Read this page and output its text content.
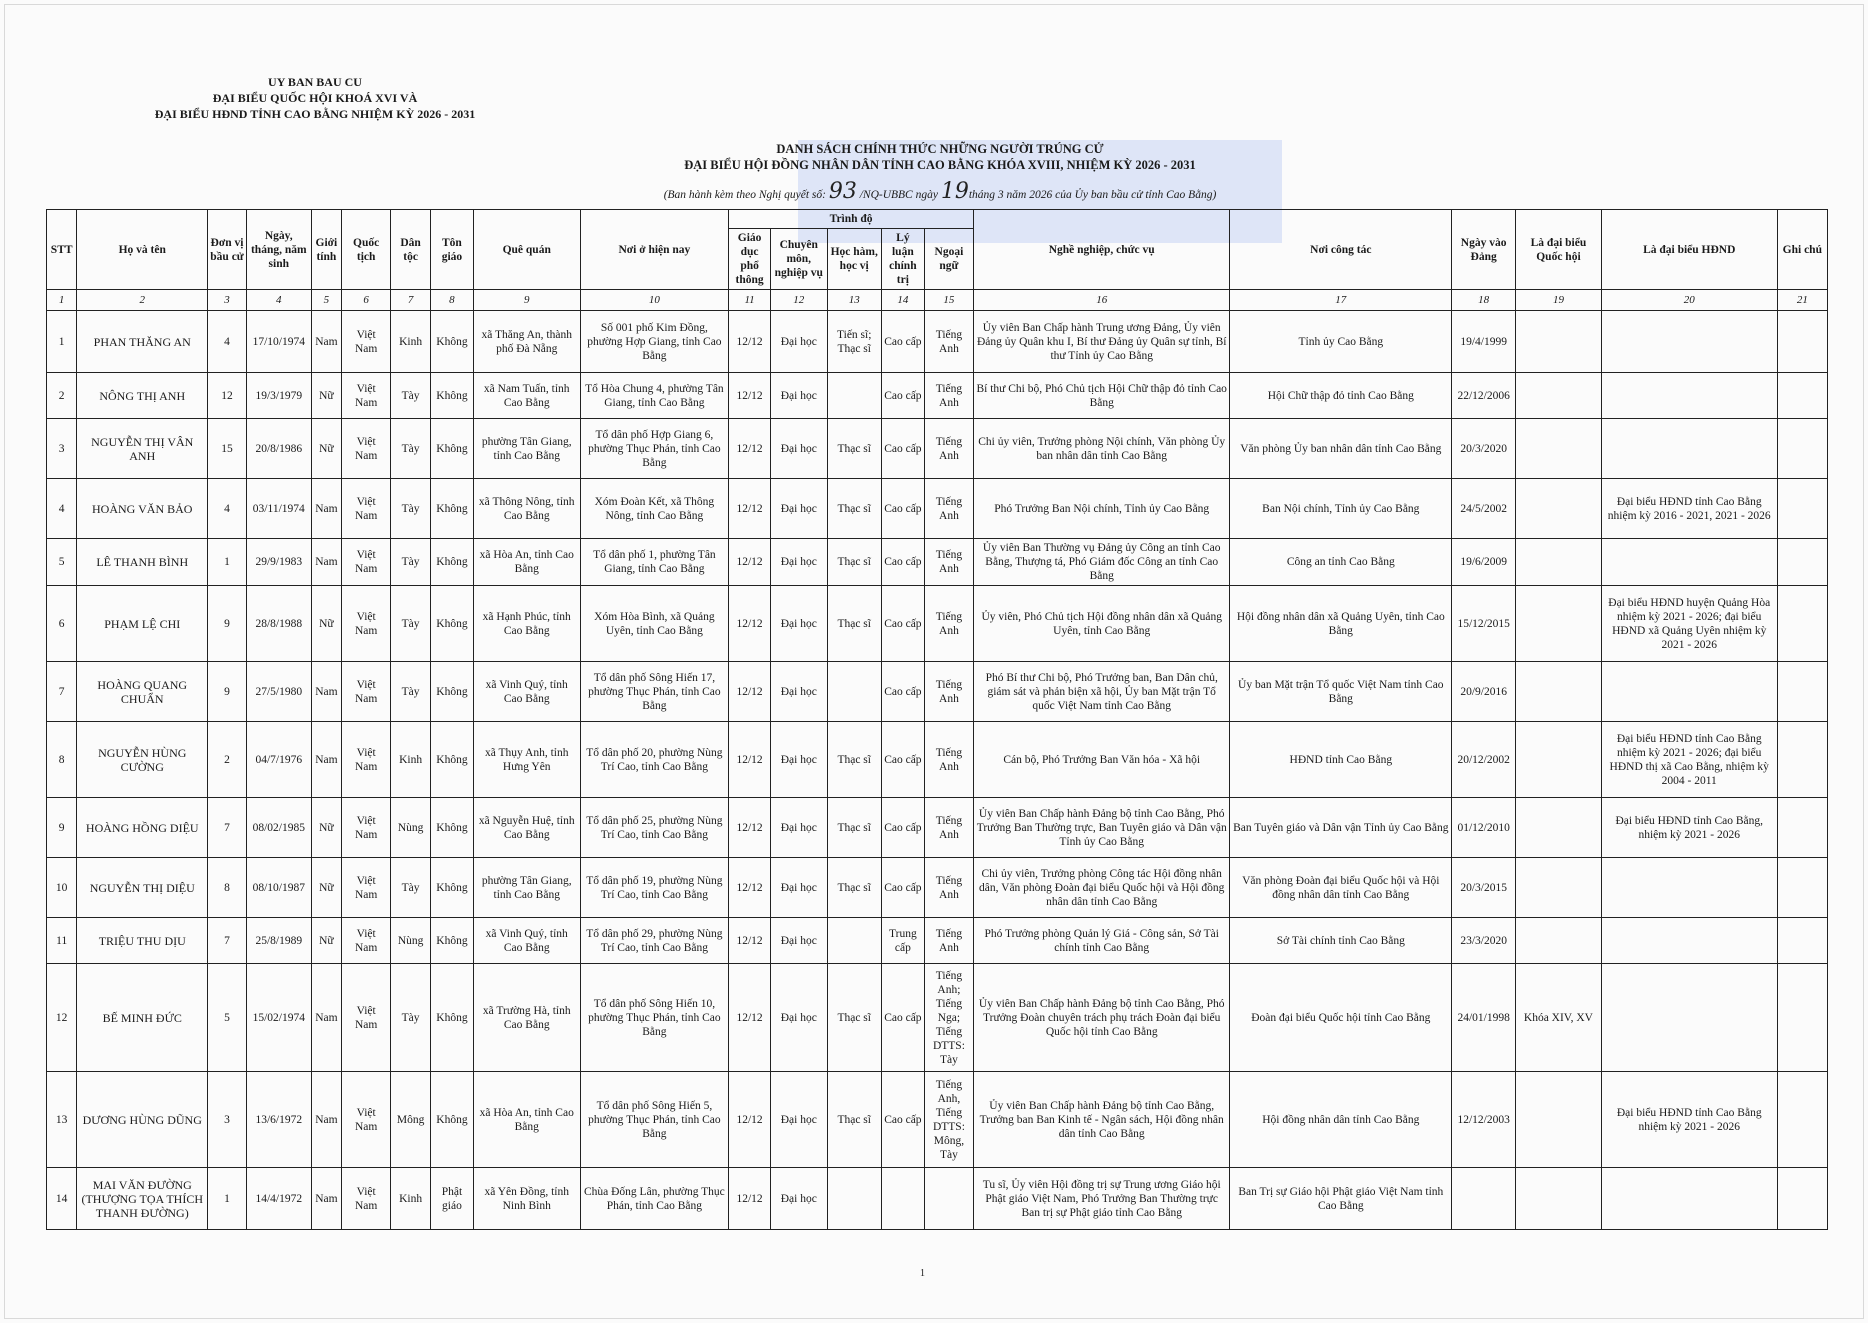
UY BAN BAU CU
ĐẠI BIỂU QUỐC HỘI KHOÁ XVI VÀ
ĐẠI BIỂU HĐND TỈNH CAO BẰNG NHIỆM KỲ 2026 - 2031
DANH SÁCH CHÍNH THỨC NHỮNG NGƯỜI TRÚNG CỬ
ĐẠI BIỂU HỘI ĐỒNG NHÂN DÂN TỈNH CAO BẰNG KHÓA XVIII, NHIỆM KỲ 2026 - 2031
(Ban hành kèm theo Nghị quyết số: 93 /NQ-UBBC ngày 19tháng 3 năm 2026 của Ủy ban bầu cử tỉnh Cao Bằng)
STT	Họ và tên	Đơn vị bầu cử	Ngày, tháng, năm sinh	Giới tính	Quốc tịch	Dân tộc	Tôn giáo	Quê quán	Nơi ở hiện nay	Trình độ					Nghề nghiệp, chức vụ	Nơi công tác	Ngày vào Đảng	Là đại biểu Quốc hội	Là đại biểu HĐND	Ghi chú
										Giáo dục phổ thông	Chuyên môn, nghiệp vụ	Học hàm, học vị	Lý luận chính trị	Ngoại ngữ						
1	2	3	4	5	6	7	8	9	10	11	12	13	14	15	16	17	18	19	20	21
1	PHAN THĂNG AN	4	17/10/1974	Nam	Việt Nam	Kinh	Không	xã Thăng An, thành phố Đà Nẵng	Số 001 phố Kim Đồng, phường Hợp Giang, tỉnh Cao Bằng	12/12	Đại học	Tiến sĩ; Thạc sĩ	Cao cấp	Tiếng Anh	Ủy viên Ban Chấp hành Trung ương Đảng, Ủy viên Đảng ủy Quân khu I, Bí thư Đảng ủy Quân sự tỉnh, Bí thư Tỉnh ủy Cao Bằng	Tỉnh ủy Cao Bằng	19/4/1999			
2	NÔNG THỊ ANH	12	19/3/1979	Nữ	Việt Nam	Tày	Không	xã Nam Tuấn, tỉnh Cao Bằng	Tổ Hòa Chung 4, phường Tân Giang, tỉnh Cao Bằng	12/12	Đại học		Cao cấp	Tiếng Anh	Bí thư Chi bộ, Phó Chủ tịch Hội Chữ thập đỏ tỉnh Cao Bằng	Hội Chữ thập đỏ tỉnh Cao Bằng	22/12/2006			
3	NGUYỄN THỊ VÂN ANH	15	20/8/1986	Nữ	Việt Nam	Tày	Không	phường Tân Giang, tỉnh Cao Bằng	Tổ dân phố Hợp Giang 6, phường Thục Phán, tỉnh Cao Bằng	12/12	Đại học	Thạc sĩ	Cao cấp	Tiếng Anh	Chi ủy viên, Trưởng phòng Nội chính, Văn phòng Ủy ban nhân dân tỉnh Cao Bằng	Văn phòng Ủy ban nhân dân tỉnh Cao Bằng	20/3/2020			
4	HOÀNG VĂN BẢO	4	03/11/1974	Nam	Việt Nam	Tày	Không	xã Thông Nông, tỉnh Cao Bằng	Xóm Đoàn Kết, xã Thông Nông, tỉnh Cao Bằng	12/12	Đại học	Thạc sĩ	Cao cấp	Tiếng Anh	Phó Trưởng Ban Nội chính, Tỉnh ủy Cao Bằng	Ban Nội chính, Tỉnh ủy Cao Bằng	24/5/2002		Đại biểu HĐND tỉnh Cao Bằng nhiệm kỳ 2016 - 2021, 2021 - 2026	
5	LÊ THANH BÌNH	1	29/9/1983	Nam	Việt Nam	Tày	Không	xã Hòa An, tỉnh Cao Bằng	Tổ dân phố 1, phường Tân Giang, tỉnh Cao Bằng	12/12	Đại học	Thạc sĩ	Cao cấp	Tiếng Anh	Ủy viên Ban Thường vụ Đảng ủy Công an tỉnh Cao Bằng, Thượng tá, Phó Giám đốc Công an tỉnh Cao Bằng	Công an tỉnh Cao Bằng	19/6/2009			
6	PHẠM LỆ CHI	9	28/8/1988	Nữ	Việt Nam	Tày	Không	xã Hạnh Phúc, tỉnh Cao Bằng	Xóm Hòa Bình, xã Quảng Uyên, tỉnh Cao Bằng	12/12	Đại học	Thạc sĩ	Cao cấp	Tiếng Anh	Ủy viên, Phó Chủ tịch Hội đồng nhân dân xã Quảng Uyên, tỉnh Cao Bằng	Hội đồng nhân dân xã Quảng Uyên, tỉnh Cao Bằng	15/12/2015		Đại biểu HĐND huyện Quảng Hòa nhiệm kỳ 2021 - 2026; đại biểu HĐND xã Quảng Uyên nhiệm kỳ 2021 - 2026	
7	HOÀNG QUANG CHUẨN	9	27/5/1980	Nam	Việt Nam	Tày	Không	xã Vinh Quý, tỉnh Cao Bằng	Tổ dân phố Sông Hiến 17, phường Thục Phán, tỉnh Cao Bằng	12/12	Đại học		Cao cấp	Tiếng Anh	Phó Bí thư Chi bộ, Phó Trưởng ban, Ban Dân chủ, giám sát và phản biện xã hội, Ủy ban Mặt trận Tổ quốc Việt Nam tỉnh Cao Bằng	Ủy ban Mặt trận Tổ quốc Việt Nam tỉnh Cao Bằng	20/9/2016			
8	NGUYỄN HÙNG CƯỜNG	2	04/7/1976	Nam	Việt Nam	Kinh	Không	xã Thụy Anh, tỉnh Hưng Yên	Tổ dân phố 20, phường Nùng Trí Cao, tỉnh Cao Bằng	12/12	Đại học	Thạc sĩ	Cao cấp	Tiếng Anh	Cán bộ, Phó Trưởng Ban Văn hóa - Xã hội	HĐND tỉnh Cao Bằng	20/12/2002		Đại biểu HĐND tỉnh Cao Bằng nhiệm kỳ 2021 - 2026; đại biểu HĐND thị xã Cao Bằng, nhiệm kỳ 2004 - 2011	
9	HOÀNG HỒNG DIỆU	7	08/02/1985	Nữ	Việt Nam	Nùng	Không	xã Nguyễn Huệ, tỉnh Cao Bằng	Tổ dân phố 25, phường Nùng Trí Cao, tỉnh Cao Bằng	12/12	Đại học	Thạc sĩ	Cao cấp	Tiếng Anh	Ủy viên Ban Chấp hành Đảng bộ tỉnh Cao Bằng, Phó Trưởng Ban Thường trực, Ban Tuyên giáo và Dân vận Tỉnh ủy Cao Bằng	Ban Tuyên giáo và Dân vận Tỉnh ủy Cao Bằng	01/12/2010		Đại biểu HĐND tỉnh Cao Bằng, nhiệm kỳ 2021 - 2026	
10	NGUYỄN THỊ DIỆU	8	08/10/1987	Nữ	Việt Nam	Tày	Không	phường Tân Giang, tỉnh Cao Bằng	Tổ dân phố 19, phường Nùng Trí Cao, tỉnh Cao Bằng	12/12	Đại học	Thạc sĩ	Cao cấp	Tiếng Anh	Chi ủy viên, Trưởng phòng Công tác Hội đồng nhân dân, Văn phòng Đoàn đại biểu Quốc hội và Hội đồng nhân dân tỉnh Cao Bằng	Văn phòng Đoàn đại biểu Quốc hội và Hội đồng nhân dân tỉnh Cao Bằng	20/3/2015			
11	TRIỆU THU DỊU	7	25/8/1989	Nữ	Việt Nam	Nùng	Không	xã Vinh Quý, tỉnh Cao Bằng	Tổ dân phố 29, phường Nùng Trí Cao, tỉnh Cao Bằng	12/12	Đại học		Trung cấp	Tiếng Anh	Phó Trưởng phòng Quản lý Giá - Công sản, Sở Tài chính tỉnh Cao Bằng	Sở Tài chính tỉnh Cao Bằng	23/3/2020			
12	BẾ MINH ĐỨC	5	15/02/1974	Nam	Việt Nam	Tày	Không	xã Trường Hà, tỉnh Cao Bằng	Tổ dân phố Sông Hiến 10, phường Thục Phán, tỉnh Cao Bằng	12/12	Đại học	Thạc sĩ	Cao cấp	Tiếng Anh; Tiếng Nga; Tiếng DTTS: Tày	Ủy viên Ban Chấp hành Đảng bộ tỉnh Cao Bằng, Phó Trưởng Đoàn chuyên trách phụ trách Đoàn đại biểu Quốc hội tỉnh Cao Bằng	Đoàn đại biểu Quốc hội tỉnh Cao Bằng	24/01/1998	Khóa XIV, XV		
13	DƯƠNG HÙNG DŨNG	3	13/6/1972	Nam	Việt Nam	Mông	Không	xã Hòa An, tỉnh Cao Bằng	Tổ dân phố Sông Hiến 5, phường Thục Phán, tỉnh Cao Bằng	12/12	Đại học	Thạc sĩ	Cao cấp	Tiếng Anh, Tiếng DTTS: Mông, Tày	Ủy viên Ban Chấp hành Đảng bộ tỉnh Cao Bằng, Trưởng ban Ban Kinh tế - Ngân sách, Hội đồng nhân dân tỉnh Cao Bằng	Hội đồng nhân dân tỉnh Cao Bằng	12/12/2003		Đại biểu HĐND tỉnh Cao Bằng nhiệm kỳ 2021 - 2026	
14	MAI VĂN ĐƯỜNG (THƯỢNG TỌA THÍCH THANH ĐƯỜNG)	1	14/4/1972	Nam	Việt Nam	Kinh	Phật giáo	xã Yên Đồng, tỉnh Ninh Bình	Chùa Đống Lân, phường Thục Phán, tỉnh Cao Bằng	12/12	Đại học				Tu sĩ, Ủy viên Hội đồng trị sự Trung ương Giáo hội Phật giáo Việt Nam, Phó Trưởng Ban Thường trực Ban trị sự Phật giáo tỉnh Cao Bằng	Ban Trị sự Giáo hội Phật giáo Việt Nam tỉnh Cao Bằng				
1
